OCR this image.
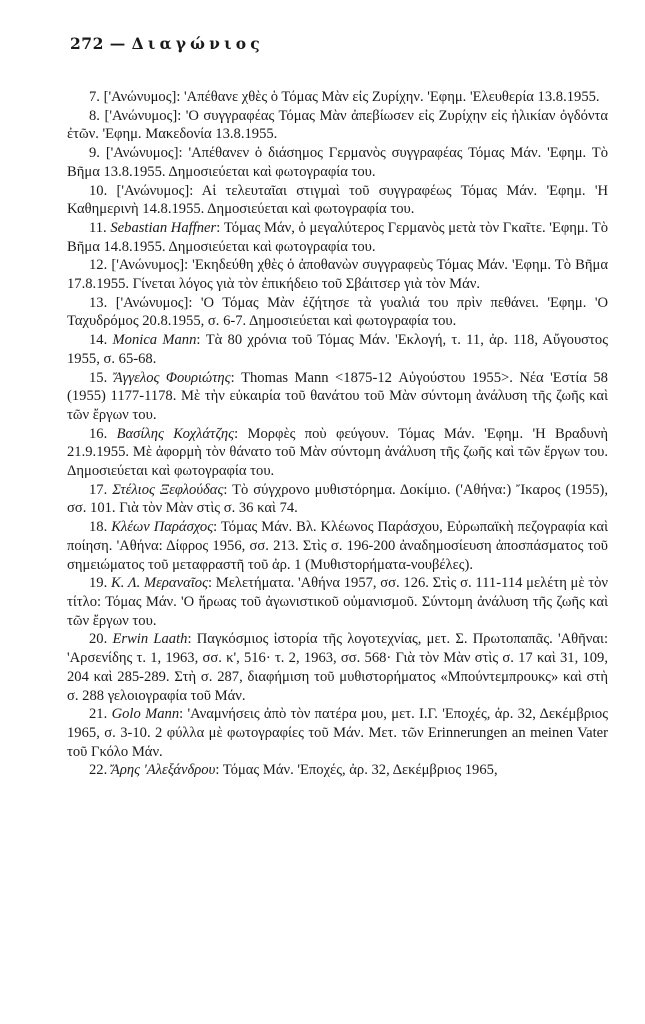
272 — Διαγώνιος

7. ['Ανώνυμος]: 'Απέθανε χθὲς ὁ Τόμας Μὰν εἰς Ζυρίχην. 'Εφημ. 'Ελευθερία 13.8.1955.

8. ['Ανώνυμος]: 'Ο συγγραφέας Τόμας Μὰν ἀπεβίωσεν εἰς Ζυρίχην εἰς ἡλικίαν ὀγδόντα ἐτῶν. 'Εφημ. Μακεδονία 13.8.1955.

9. ['Ανώνυμος]: 'Απέθανεν ὁ διάσημος Γερμανὸς συγγραφέας Τόμας Μάν. 'Εφημ. Τὸ Βῆμα 13.8.1955. Δημοσιεύεται καὶ φωτογραφία του.

10. ['Ανώνυμος]: Αἱ τελευταῖαι στιγμαὶ τοῦ συγγραφέως Τόμας Μάν. 'Εφημ. 'Η Καθημερινὴ 14.8.1955. Δημοσιεύεται καὶ φωτογραφία του.

11. Sebastian Haffner: Τόμας Μάν, ὁ μεγαλύτερος Γερμανὸς μετὰ τὸν Γκαῖτε. 'Εφημ. Τὸ Βῆμα 14.8.1955. Δημοσιεύεται καὶ φωτογραφία του.

12. ['Ανώνυμος]: 'Εκηδεύθη χθὲς ὁ ἀποθανὼν συγγραφεὺς Τόμας Μάν. 'Εφημ. Τὸ Βῆμα 17.8.1955. Γίνεται λόγος γιὰ τὸν ἐπικήδειο τοῦ Σβάιτσερ γιὰ τὸν Μάν.

13. ['Ανώνυμος]: 'Ο Τόμας Μὰν ἐζήτησε τὰ γυαλιά του πρὶν πεθάνει. 'Εφημ. 'Ο Ταχυδρόμος 20.8.1955, σ. 6-7. Δημοσιεύεται καὶ φωτογραφία του.

14. Monica Mann: Τὰ 80 χρόνια τοῦ Τόμας Μάν. 'Εκλογή, τ. 11, ἀρ. 118, Αὔγουστος 1955, σ. 65-68.

15. Ἄγγελος Φουριώτης: Thomas Mann <1875-12 Αὐγούστου 1955>. Νέα 'Εστία 58 (1955) 1177-1178. Μὲ τὴν εὐκαιρία τοῦ θανάτου τοῦ Μὰν σύντομη ἀνάλυση τῆς ζωῆς καὶ τῶν ἔργων του.

16. Βασίλης Κοχλάτζης: Μορφὲς ποὺ φεύγουν. Τόμας Μάν. 'Εφημ. 'Η Βραδυνὴ 21.9.1955. Μὲ ἀφορμὴ τὸν θάνατο τοῦ Μὰν σύντομη ἀνάλυση τῆς ζωῆς καὶ τῶν ἔργων του. Δημοσιεύεται καὶ φωτογραφία του.

17. Στέλιος Ξεφλούδας: Τὸ σύγχρονο μυθιστόρημα. Δοκίμιο. ('Αθήνα:) Ἴκαρος (1955), σσ. 101. Γιὰ τὸν Μὰν στὶς σ. 36 καὶ 74.

18. Κλέων Παράσχος: Τόμας Μάν. Βλ. Κλέωνος Παράσχου, Εὐρωπαϊκὴ πεζογραφία καὶ ποίηση. 'Αθήνα: Δίφρος 1956, σσ. 213. Στὶς σ. 196-200 ἀναδημοσίευση ἀποσπάσματος τοῦ σημειώματος τοῦ μεταφραστῆ τοῦ ἀρ. 1 (Μυθιστορήματα-νουβέλες).

19. Κ. Λ. Μεραναῖος: Μελετήματα. 'Αθήνα 1957, σσ. 126. Στὶς σ. 111-114 μελέτη μὲ τὸν τίτλο: Τόμας Μάν. 'Ο ἥρωας τοῦ ἀγωνιστικοῦ οὐμανισμοῦ. Σύντομη ἀνάλυση τῆς ζωῆς καὶ τῶν ἔργων του.

20. Erwin Laath: Παγκόσμιος ἱστορία τῆς λογοτεχνίας, μετ. Σ. Πρωτοπαπᾶς. 'Αθῆναι: 'Αρσενίδης τ. 1, 1963, σσ. κ', 516· τ. 2, 1963, σσ. 568· Γιὰ τὸν Μὰν στὶς σ. 17 καὶ 31, 109, 204 καὶ 285-289. Στὴ σ. 287, διαφήμιση τοῦ μυθιστορήματος «Μπούντεμπρουκς» καὶ στὴ σ. 288 γελοιογραφία τοῦ Μάν.

21. Golo Mann: 'Αναμνήσεις ἀπὸ τὸν πατέρα μου, μετ. Ι.Γ. 'Εποχές, ἀρ. 32, Δεκέμβριος 1965, σ. 3-10. 2 φύλλα μὲ φωτογραφίες τοῦ Μάν. Μετ. τῶν Erinnerungen an meinen Vater τοῦ Γκόλο Μάν.

22. Ἄρης 'Αλεξάνδρου: Τόμας Μάν. 'Εποχές, ἀρ. 32, Δεκέμβριος 1965,
